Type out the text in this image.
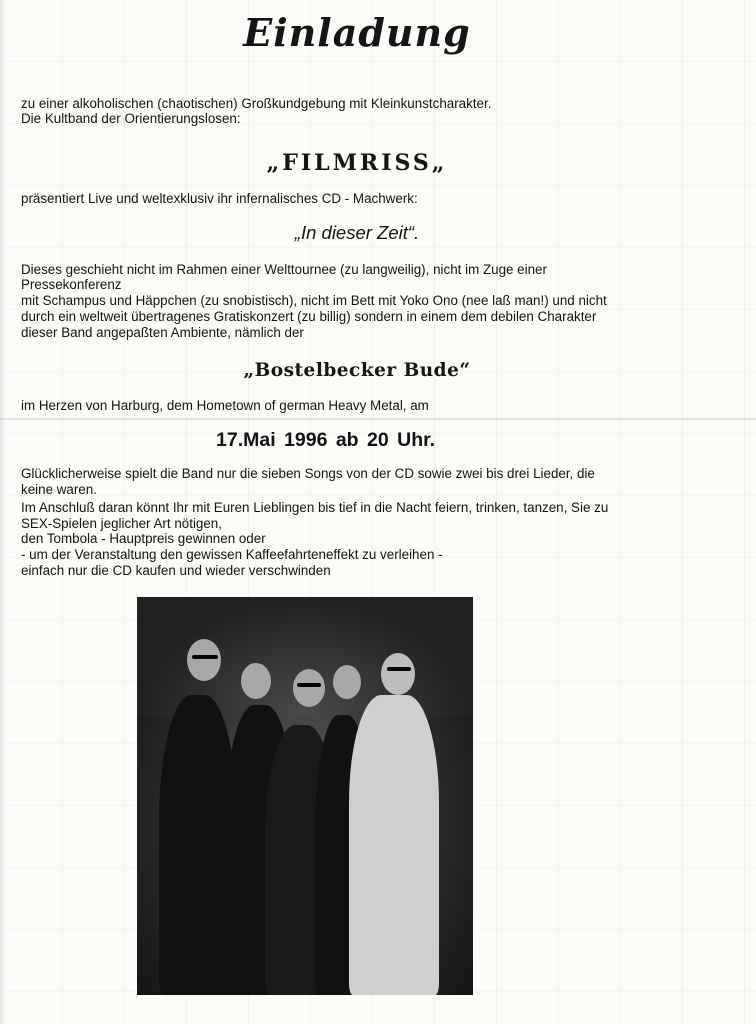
Einladung

zu einer alkoholischen (chaotischen) Großkundgebung mit Kleinkunstcharakter.

Die Kultband der Orientierungslosen:

„FILMRISS„

präsentiert Live und weltexklusiv ihr infernalisches CD - Machwerk:

„In dieser Zeit“.

Dieses geschieht nicht im Rahmen einer Welttournee (zu langweilig), nicht im Zuge einer

Pressekonferenz

mit Schampus und Häppchen (zu snobistisch), nicht im Bett mit Yoko Ono (nee laß man!) und nicht

durch ein weltweit übertragenes Gratiskonzert (zu billig) sondern in einem dem debilen Charakter

dieser Band angepaßten Ambiente, nämlich der

„Bostelbecker Bude“

im Herzen von Harburg, dem Hometown of german Heavy Metal, am

17.Mai 1996 ab 20 Uhr.

Glücklicherweise spielt die Band nur die sieben Songs von der CD sowie zwei bis drei Lieder, die

keine waren.

Im Anschluß daran könnt Ihr mit Euren Lieblingen bis tief in die Nacht feiern, trinken, tanzen, Sie zu

SEX-Spielen jeglicher Art nötigen,

den Tombola - Hauptpreis gewinnen oder

- um der Veranstaltung den gewissen Kaffeefahrteneffekt zu verleihen -

einfach nur die CD kaufen und wieder verschwinden
